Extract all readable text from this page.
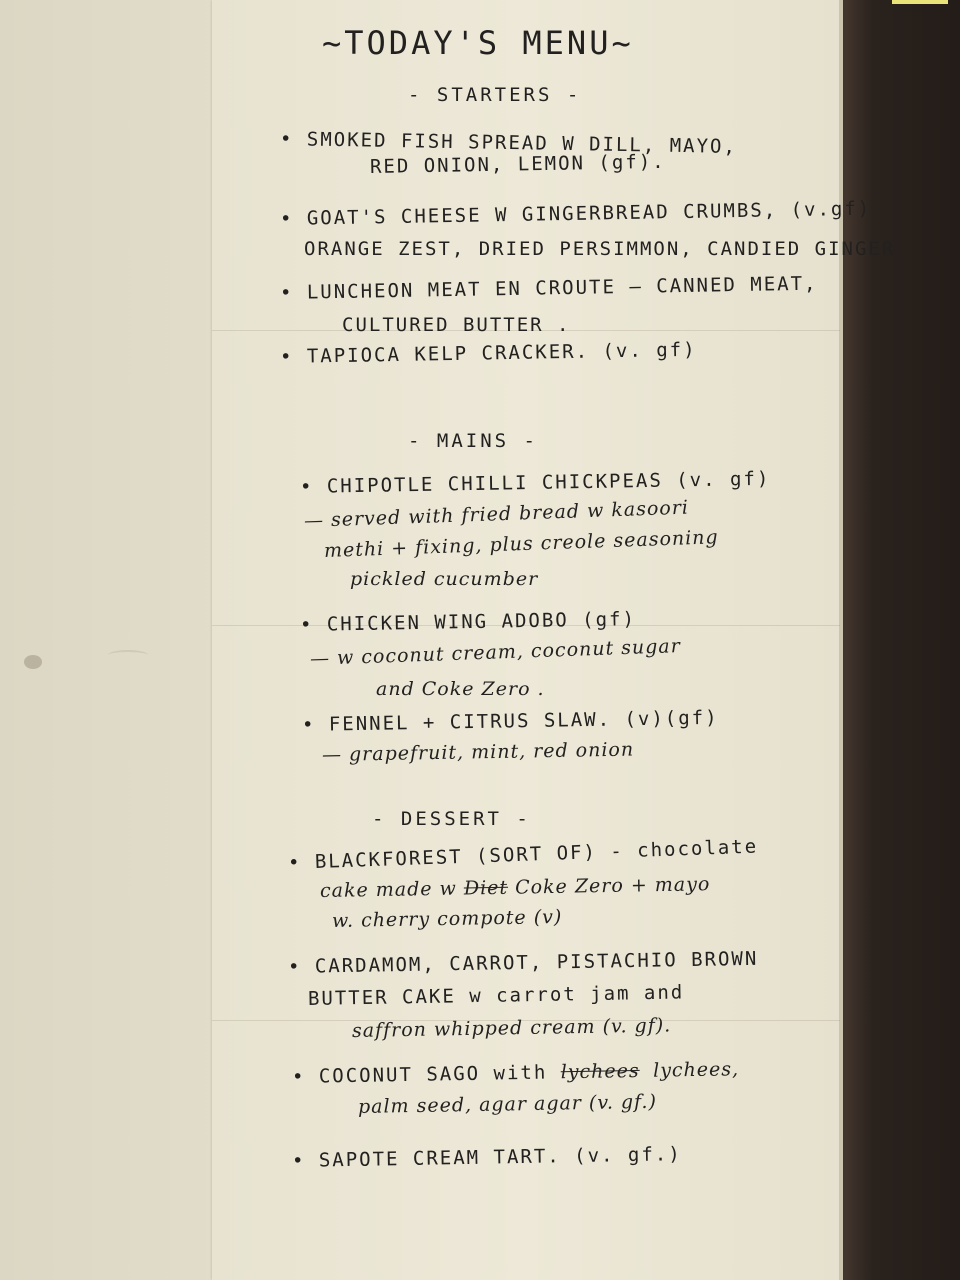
~TODAY'S MENU~
- STARTERS -
• SMOKED FISH SPREAD W DILL, MAYO,
RED ONION, LEMON (gf).
• GOAT'S CHEESE W GINGERBREAD CRUMBS, (v.gf)
ORANGE ZEST, DRIED PERSIMMON, CANDIED GINGER
• LUNCHEON MEAT EN CROUTE — CANNED MEAT,
CULTURED BUTTER .
• TAPIOCA KELP CRACKER. (v. gf)
- MAINS -
• CHIPOTLE CHILLI CHICKPEAS (v. gf)
— served with fried bread w kasoori
methi + fixing, plus creole seasoning
pickled cucumber
• CHICKEN WING ADOBO (gf)
— w coconut cream, coconut sugar
and Coke Zero .
• FENNEL + CITRUS SLAW. (v)(gf)
— grapefruit, mint, red onion
- DESSERT -
• BLACKFOREST (SORT OF) - chocolate
cake made w Diet Coke Zero + mayo
w. cherry compote (v)
• CARDAMOM, CARROT, PISTACHIO BROWN
BUTTER CAKE w carrot jam and
saffron whipped cream (v. gf).
• COCONUT SAGO with lychees lychees,
palm seed, agar agar (v. gf.)
• SAPOTE CREAM TART. (v. gf.)
